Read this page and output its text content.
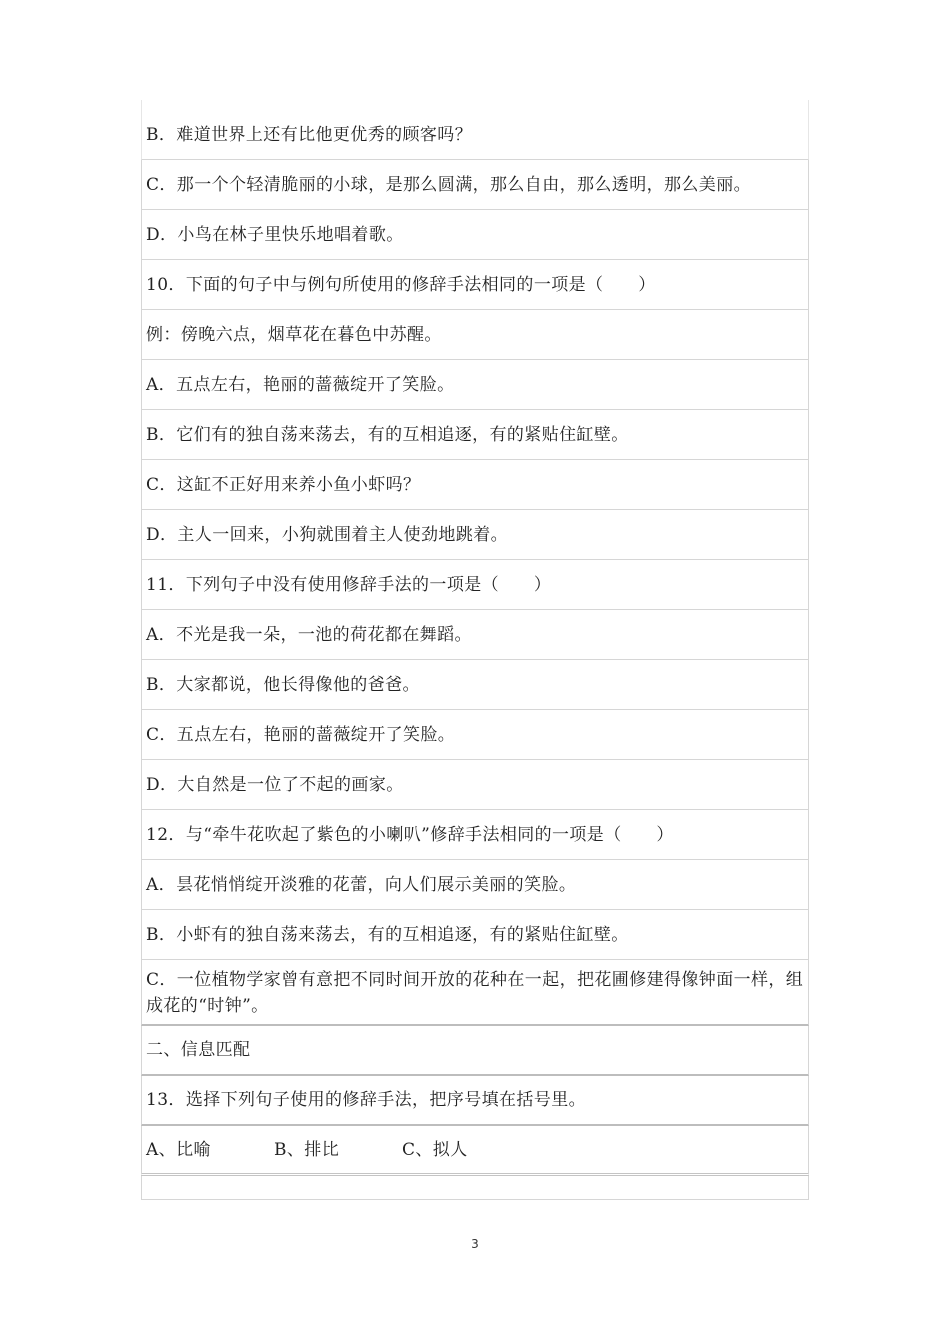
B．难道世界上还有比他更优秀的顾客吗？
C．那一个个轻清脆丽的小球，是那么圆满，那么自由，那么透明，那么美丽。
D．小鸟在林子里快乐地唱着歌。
10．下面的句子中与例句所使用的修辞手法相同的一项是（　　）
例：傍晚六点，烟草花在暮色中苏醒。
A．五点左右，艳丽的蔷薇绽开了笑脸。
B．它们有的独自荡来荡去，有的互相追逐，有的紧贴住缸壁。
C．这缸不正好用来养小鱼小虾吗？
D．主人一回来，小狗就围着主人使劲地跳着。
11．下列句子中没有使用修辞手法的一项是（　　）
A．不光是我一朵，一池的荷花都在舞蹈。
B．大家都说，他长得像他的爸爸。
C．五点左右，艳丽的蔷薇绽开了笑脸。
D．大自然是一位了不起的画家。
12．与“牵牛花吹起了紫色的小喇叭”修辞手法相同的一项是（　　）
A．昙花悄悄绽开淡雅的花蕾，向人们展示美丽的笑脸。
B．小虾有的独自荡来荡去，有的互相追逐，有的紧贴住缸壁。
C．一位植物学家曾有意把不同时间开放的花种在一起，把花圃修建得像钟面一样，组成花的“时钟”。
二、信息匹配
13．选择下列句子使用的修辞手法，把序号填在括号里。
A、比喻	B、排比	C、拟人
3
